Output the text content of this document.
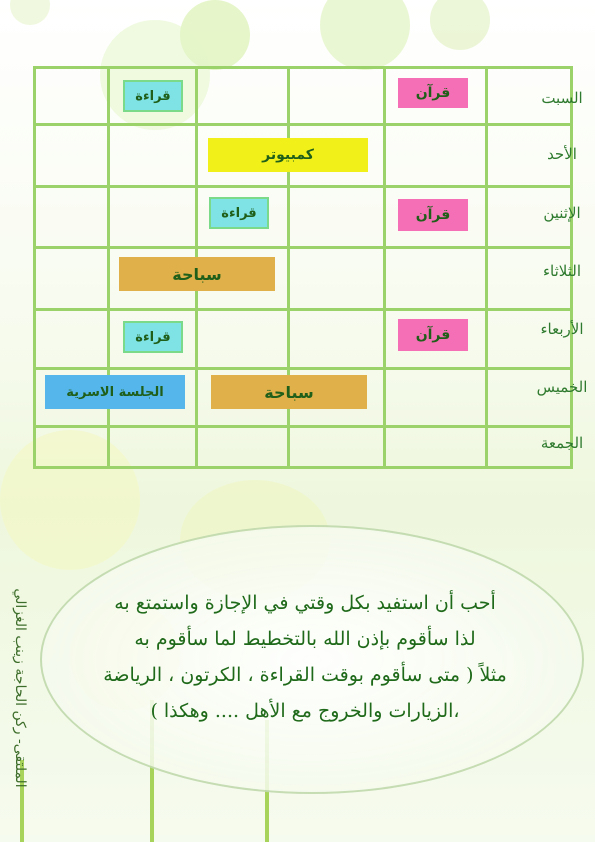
السبت
الأحد
الإثنين
الثلاثاء
الأربعاء
الخميس
الجمعة
قرآن
قراءة
كمبيوتر
قرآن
قراءة
سباحة
قرآن
قراءة
سباحة
الجلسة الاسرية
أحب أن استفيد بكل وقتي في الإجازة واستمتع به
لذا سأقوم بإذن الله بالتخطيط لما سأقوم به
مثلاً ( متى سأقوم بوقت القراءة ، الكرتون ، الرياضة
،الزيارات والخروج مع الأهل .... وهكذا )
الملتقى- ركن الحاجة زينب الغزالي
